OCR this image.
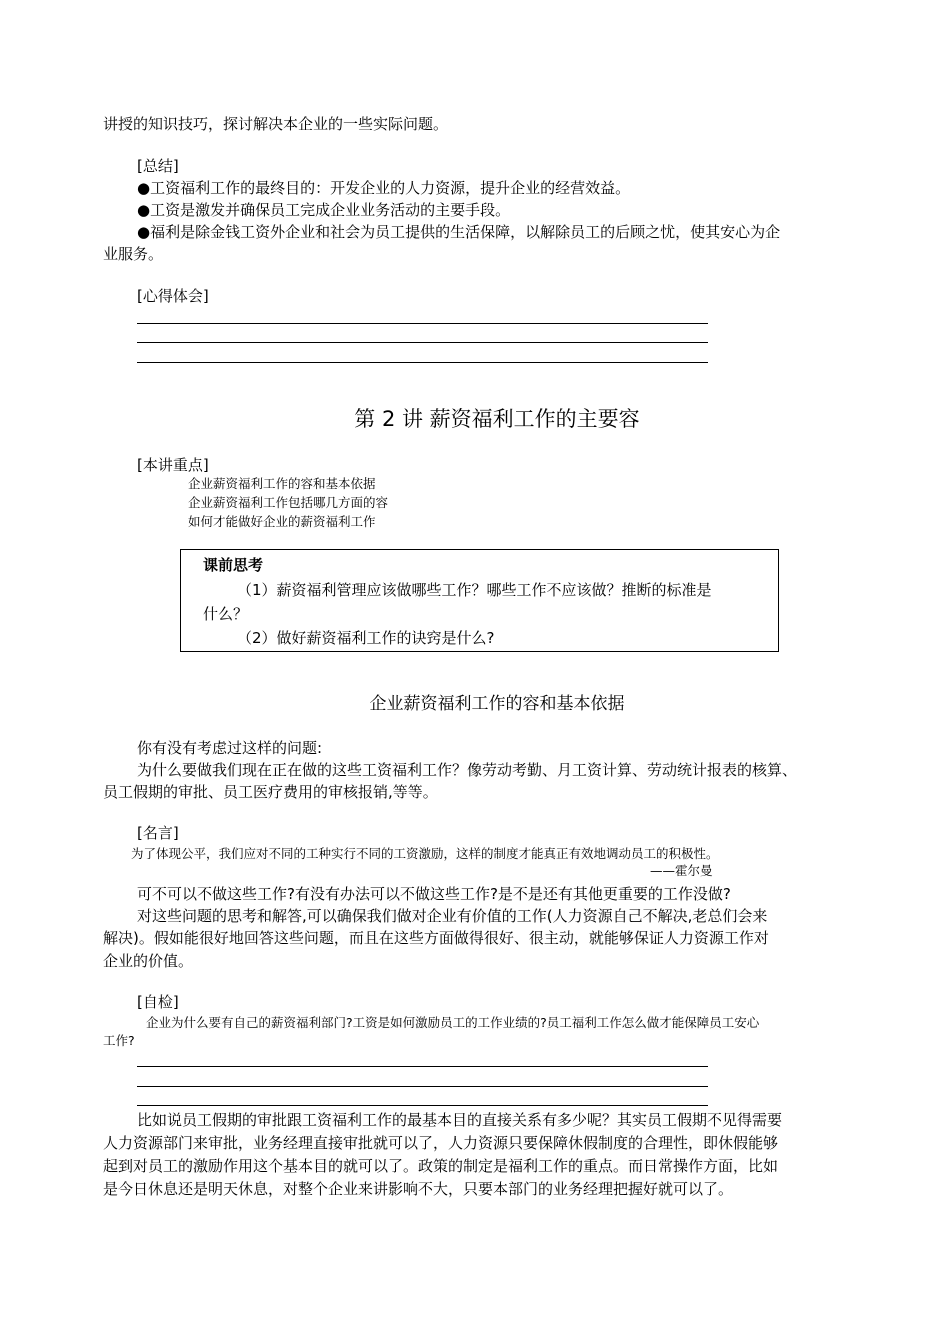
讲授的知识技巧，探讨解决本企业的一些实际问题。
[总结]
●工资福利工作的最终目的：开发企业的人力资源，提升企业的经营效益。
●工资是激发并确保员工完成企业业务活动的主要手段。
●福利是除金钱工资外企业和社会为员工提供的生活保障，以解除员工的后顾之忧，使其安心为企
业服务。
[心得体会]
第 2 讲 薪资福利工作的主要容
[本讲重点]
企业薪资福利工作的容和基本依据
企业薪资福利工作包括哪几方面的容
如何才能做好企业的薪资福利工作
课前思考
（1）薪资福利管理应该做哪些工作？哪些工作不应该做？推断的标准是
什么？
（2）做好薪资福利工作的诀窍是什么?
企业薪资福利工作的容和基本依据
你有没有考虑过这样的问题:
为什么要做我们现在正在做的这些工资福利工作？像劳动考勤、月工资计算、劳动统计报表的核算、
员工假期的审批、员工医疗费用的审核报销,等等。
[名言]
为了体现公平，我们应对不同的工种实行不同的工资激励，这样的制度才能真正有效地调动员工的积极性。
——霍尔曼
可不可以不做这些工作?有没有办法可以不做这些工作?是不是还有其他更重要的工作没做?
对这些问题的思考和解答,可以确保我们做对企业有价值的工作(人力资源自己不解决,老总们会来
解决)。假如能很好地回答这些问题，而且在这些方面做得很好、很主动，就能够保证人力资源工作对
企业的价值。
[自检]
企业为什么要有自己的薪资福利部门?工资是如何激励员工的工作业绩的?员工福利工作怎么做才能保障员工安心
工作?
比如说员工假期的审批跟工资福利工作的最基本目的直接关系有多少呢？其实员工假期不见得需要
人力资源部门来审批，业务经理直接审批就可以了，人力资源只要保障休假制度的合理性，即休假能够
起到对员工的激励作用这个基本目的就可以了。政策的制定是福利工作的重点。而日常操作方面，比如
是今日休息还是明天休息，对整个企业来讲影响不大，只要本部门的业务经理把握好就可以了。
